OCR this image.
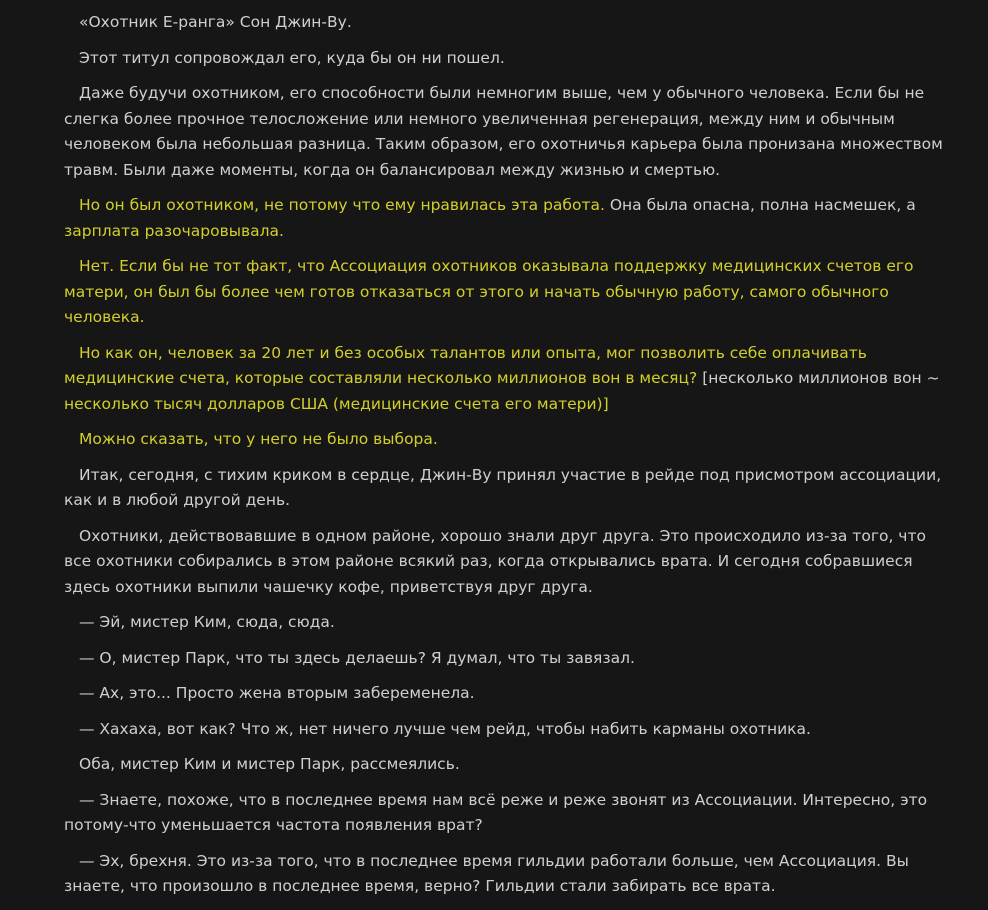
«Охотник Е-ранга» Сон Джин-Ву.

Этот титул сопровождал его, куда бы он ни пошел.

Даже будучи охотником, его способности были немногим выше, чем у обычного человека. Если бы не слегка более прочное телосложение или немного увеличенная регенерация, между ним и обычным человеком была небольшая разница. Таким образом, его охотничья карьера была пронизана множеством травм. Были даже моменты, когда он балансировал между жизнью и смертью.

Но он был охотником, не потому что ему нравилась эта работа. Она была опасна, полна насмешек, а зарплата разочаровывала.

Нет. Если бы не тот факт, что Ассоциация охотников оказывала поддержку медицинских счетов его матери, он был бы более чем готов отказаться от этого и начать обычную работу, самого обычного человека.

Но как он, человек за 20 лет и без особых талантов или опыта, мог позволить себе оплачивать медицинские счета, которые составляли несколько миллионов вон в месяц? [несколько миллионов вон ~ несколько тысяч долларов США (медицинские счета его матери)]

Можно сказать, что у него не было выбора.

Итак, сегодня, с тихим криком в сердце, Джин-Ву принял участие в рейде под присмотром ассоциации, как и в любой другой день.

Охотники, действовавшие в одном районе, хорошо знали друг друга. Это происходило из-за того, что все охотники собирались в этом районе всякий раз, когда открывались врата. И сегодня собравшиеся здесь охотники выпили чашечку кофе, приветствуя друг друга.

— Эй, мистер Ким, сюда, сюда.

— О, мистер Парк, что ты здесь делаешь? Я думал, что ты завязал.

— Ах, это... Просто жена вторым забеременела.

— Хахаха, вот как? Что ж, нет ничего лучше чем рейд, чтобы набить карманы охотника.

Оба, мистер Ким и мистер Парк, рассмеялись.

— Знаете, похоже, что в последнее время нам всё реже и реже звонят из Ассоциации. Интересно, это потому-что уменьшается частота появления врат?

— Эх, брехня. Это из-за того, что в последнее время гильдии работали больше, чем Ассоциация. Вы знаете, что произошло в последнее время, верно? Гильдии стали забирать все врата.
